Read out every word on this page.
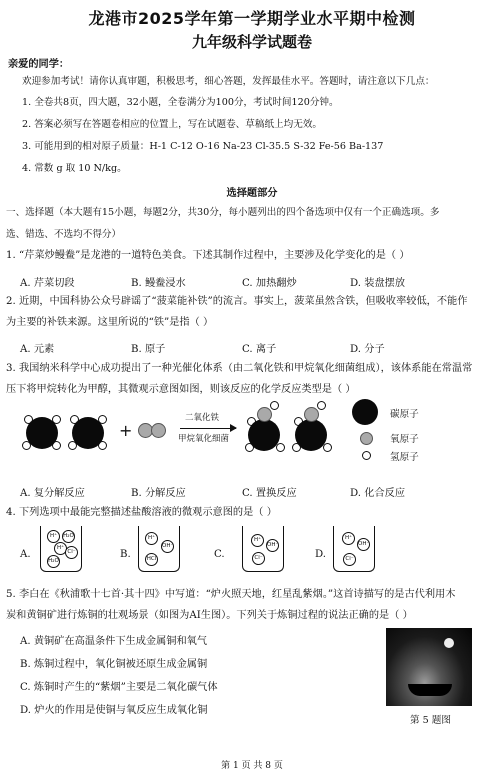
龙港市2025学年第一学期学业水平期中检测
九年级科学试题卷
亲爱的同学：
欢迎参加考试！请你认真审题，积极思考，细心答题，发挥最佳水平。答题时，请注意以下几点：
1. 全卷共8页，四大题，32小题，全卷满分为100分，考试时间120分钟。
2. 答案必须写在答题卷相应的位置上，写在试题卷、草稿纸上均无效。
3. 可能用到的相对原子质量：H-1 C-12 O-16 Na-23 Cl-35.5 S-32 Fe-56 Ba-137
4. 常数 g 取 10 N/kg。
选择题部分
一、选择题（本大题有15小题，每题2分，共30分，每小题列出的四个备选项中仅有一个正确选项。多
选、错选、不选均不得分）
1. “芹菜炒鳗鲞”是龙港的一道特色美食。下述其制作过程中，主要涉及化学变化的是（ ）
A. 芹菜切段	B. 鳗鲞浸水	C. 加热翻炒	D. 装盘摆放
2. 近期，中国科协公众号辟谣了“菠菜能补铁”的流言。事实上，菠菜虽然含铁，但吸收率较低，不能作
为主要的补铁来源。这里所说的“铁”是指（ ）
A. 元素	B. 原子	C. 离子	D. 分子
3. 我国纳米科学中心成功提出了一种光催化体系（由二氧化铁和甲烷氧化细菌组成），该体系能在常温常
压下将甲烷转化为甲醇，其微观示意图如图，则该反应的化学反应类型是（ ）
+
二氧化铁
甲烷氧化细菌
碳原子
氧原子
氢原子
A. 复分解反应	B. 分解反应	C. 置换反应	D. 化合反应
4. 下列选项中最能完整描述盐酸溶液的微观示意图的是（ ）
A.
H⁺	H₂O
H⁺
Cl⁻
H₂O
B.
H⁺
OH⁻
HCl	C.
H⁺
OH⁻
Cl⁻	D.
H⁺
OH⁻
Cl⁻
5. 李白在《秋浦歌十七首·其十四》中写道：“炉火照天地，红星乱紫烟。”这首诗描写的是古代利用木
炭和黄铜矿进行炼铜的壮观场景（如图为AI生图）。下列关于炼铜过程的说法正确的是（ ）
A. 黄铜矿在高温条件下生成金属铜和氧气
B. 炼铜过程中，氧化铜被还原生成金属铜
C. 炼铜时产生的“紫烟”主要是二氧化碳气体
D. 炉火的作用是使铜与氧反应生成氧化铜
第 5 题图
第 1 页 共 8 页
